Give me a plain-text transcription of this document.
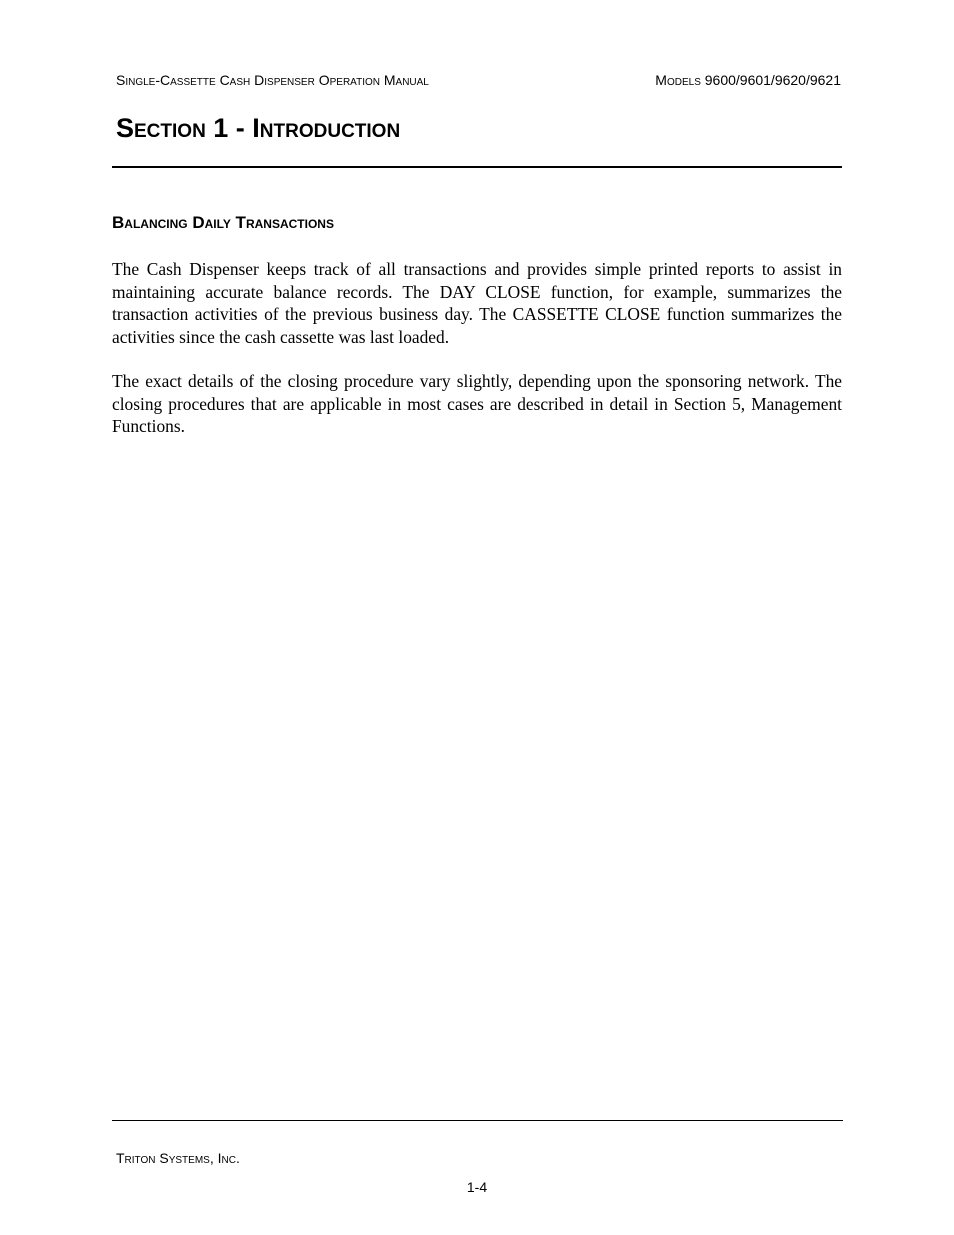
Single-Cassette Cash Dispenser Operation Manual	Models 9600/9601/9620/9621
Section 1 - Introduction
Balancing Daily Transactions

The Cash Dispenser keeps track of all transactions and provides simple printed reports to assist in maintaining accurate balance records. The DAY CLOSE function, for example, summarizes the transaction activities of the previous business day. The CASSETTE CLOSE function summarizes the activities since the cash cassette was last loaded.

The exact details of the closing procedure vary slightly, depending upon the sponsoring network. The closing procedures that are applicable in most cases are described in detail in Section 5, Management Functions.

Triton Systems, Inc.
1-4
